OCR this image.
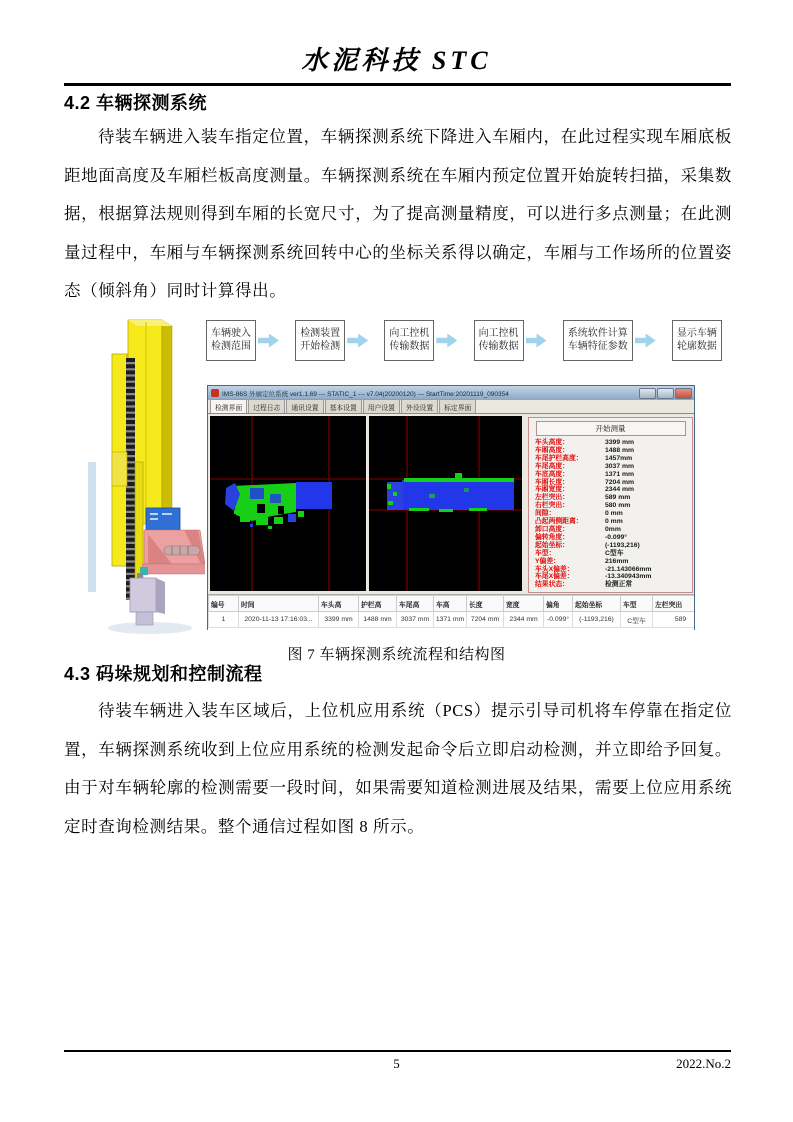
水泥科技 STC
4.2 车辆探测系统
待装车辆进入装车指定位置，车辆探测系统下降进入车厢内，在此过程实现车厢底板距地面高度及车厢栏板高度测量。车辆探测系统在车厢内预定位置开始旋转扫描，采集数据，根据算法规则得到车厢的长宽尺寸，为了提高测量精度，可以进行多点测量；在此测量过程中，车厢与车辆探测系统回转中心的坐标关系得以确定，车厢与工作场所的位置姿态（倾斜角）同时计算得出。
车辆驶入
检测范围
检测装置
开始检测
向工控机
传输数据
向工控机
传输数据
系统软件计算
车辆特征参数
显示车辆
轮廓数据
IMS-86S 外廓定位系统 ver1.1.69 --- STATIC_1 --- v7.04(20200120) --- StartTime:20201119_090354
检测界面	过程日志	通讯设置	基本设置	用户设置	外设设置	标定界面
开始测量
车头高度：	3399 mm
车厢高度：	1488 mm
车尾护栏高度：	1457mm
车尾高度：	3037 mm
车底高度：	1371 mm
车厢长度：	7204 mm
车厢宽度：	2344 mm
左栏突出：	589 mm
右栏突出：	580 mm
间隙：	0 mm
凸起两侧距离：	0 mm
卸口高度：	0mm
偏转角度：	-0.099°
起始坐标：	(-1193,216)
车型：	C型车
Y偏差：	216mm
车头X偏差：	-21.143066mm
车尾X偏差：	-13.340943mm
结果状态：	检测正常
编号	时间	车头高	护栏高	车尾高	车高	长度	宽度	偏角	起始坐标	车型	左栏突出
1	2020-11-13 17:16:03...	3399 mm	1488 mm	3037 mm	1371 mm	7204 mm	2344 mm	-0.099°	(-1193,216)	C型车	589
图 7 车辆探测系统流程和结构图
4.3 码垛规划和控制流程
待装车辆进入装车区域后，上位机应用系统（PCS）提示引导司机将车停靠在指定位置，车辆探测系统收到上位应用系统的检测发起命令后立即启动检测，并立即给予回复。由于对车辆轮廓的检测需要一段时间，如果需要知道检测进展及结果，需要上位应用系统定时查询检测结果。整个通信过程如图 8 所示。
5	2022.No.2
